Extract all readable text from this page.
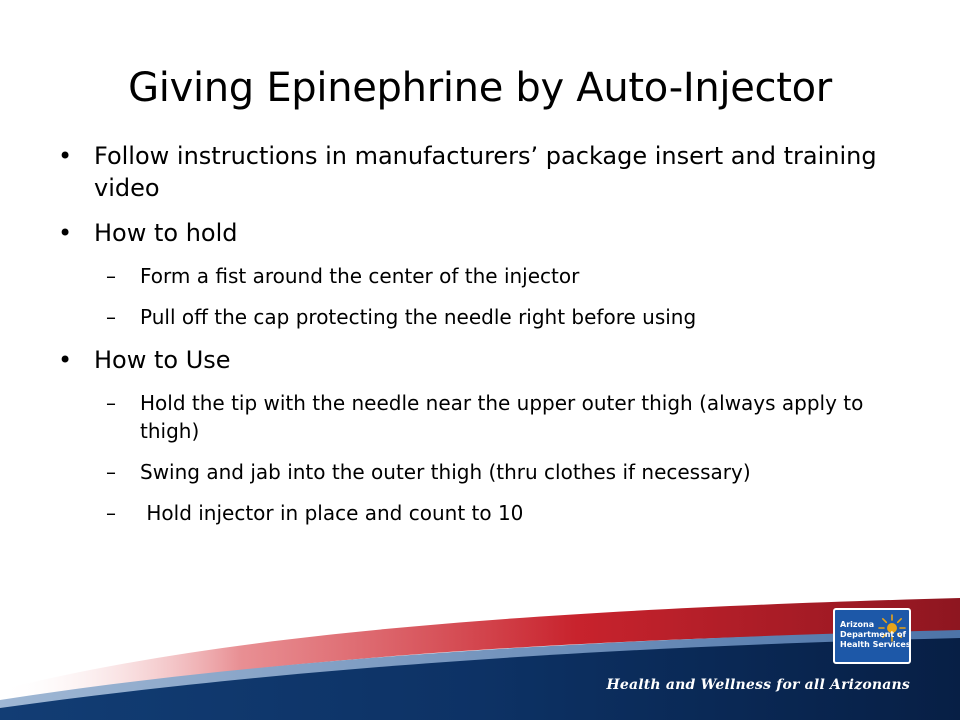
Giving Epinephrine by Auto-Injector
• Follow instructions in manufacturers’ package insert and training video
• How to hold
– Form a fist around the center of the injector
– Pull off the cap protecting the needle right before using
• How to Use
– Hold the tip with the needle near the upper outer thigh (always apply to thigh)
– Swing and jab into the outer thigh (thru clothes if necessary)
– Hold injector in place and count to 10
Arizona
Department of
Health Services
Health and Wellness for all Arizonans
